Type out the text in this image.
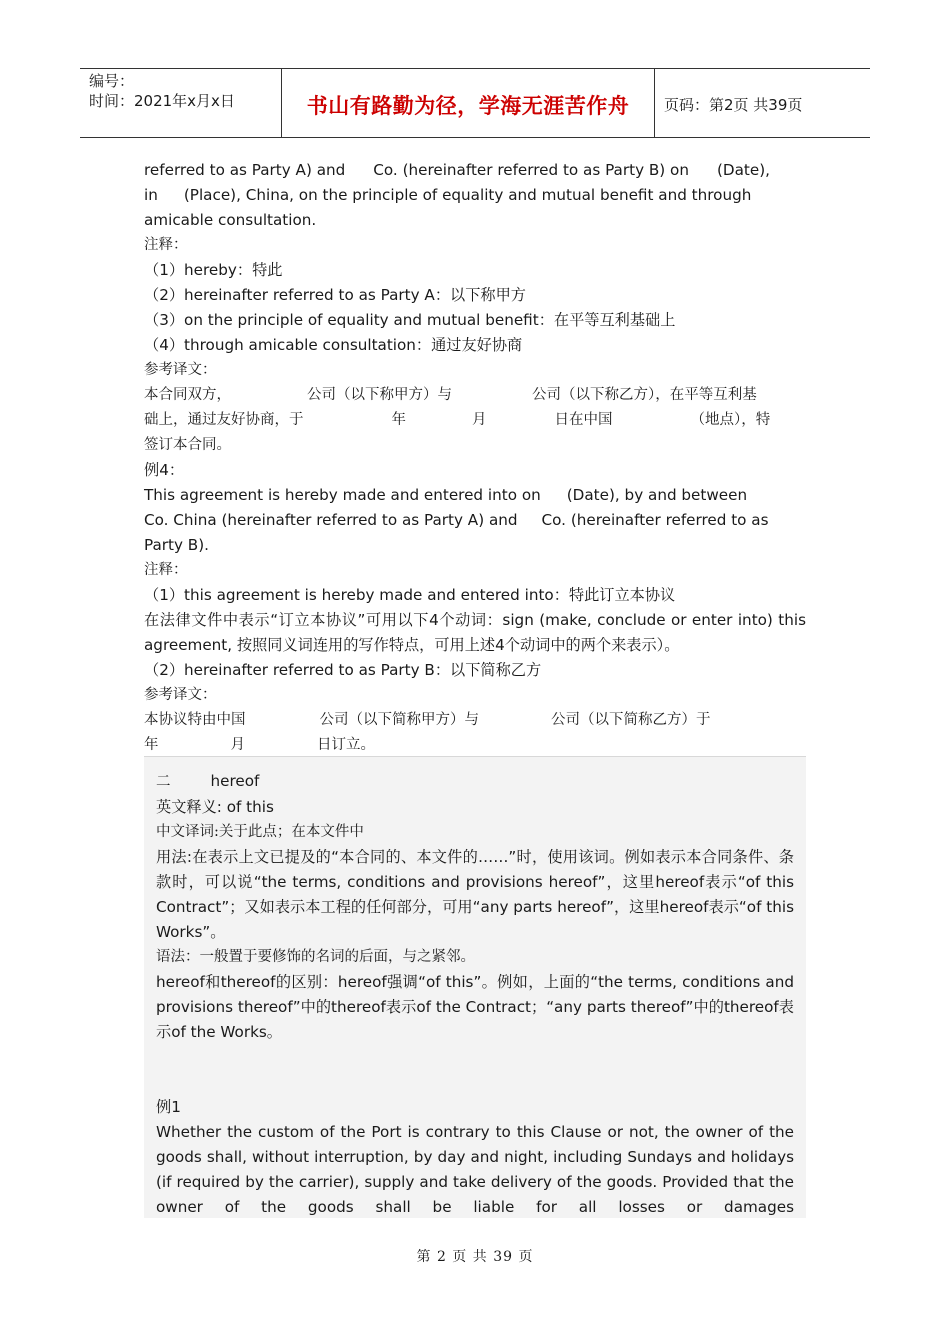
编号：
时间：2021年x月x日	书山有路勤为径，学海无涯苦作舟	页码：第2页 共39页

referred to as Party A) and Co. (hereinafter referred to as Party B) on (Date),

in (Place), China, on the principle of equality and mutual benefit and through

amicable consultation.

注释：

（1）hereby：特此

（2）hereinafter referred to as Party A：以下称甲方

（3）on the principle of equality and mutual benefit：在平等互利基础上

（4）through amicable consultation：通过友好协商

参考译文：

本合同双方，	公司（以下称甲方）与	公司（以下称乙方），在平等互利基

础上，通过友好协商，于	年	月	日在中国	（地点），特

签订本合同。

例4：

This agreement is hereby made and entered into on (Date), by and between

Co. China (hereinafter referred to as Party A) and Co. (hereinafter referred to as

Party B).

注释：

（1）this agreement is hereby made and entered into：特此订立本协议

在法律文件中表示“订立本协议”可用以下4个动词：sign (make, conclude or enter into) this agreement, 按照同义词连用的写作特点，可用上述4个动词中的两个来表示）。

（2）hereinafter referred to as Party B：以下简称乙方

参考译文：

本协议特由中国	公司（以下简称甲方）与	公司（以下简称乙方）于

年	月	日订立。

二	hereof

英文释义: of this

中文译词:关于此点；在本文件中

用法:在表示上文已提及的“本合同的、本文件的……”时，使用该词。例如表示本合同条件、条款时，可以说“the terms, conditions and provisions hereof”，这里hereof表示“of this Contract”；又如表示本工程的任何部分，可用“any parts hereof”，这里hereof表示“of this Works”。

语法：一般置于要修饰的名词的后面，与之紧邻。

hereof和thereof的区别：hereof强调“of this”。例如，上面的“the terms, conditions and provisions thereof”中的thereof表示of the Contract；“any parts thereof”中的thereof表示of the Works。

例1

Whether the custom of the Port is contrary to this Clause or not, the owner of the goods shall, without interruption, by day and night, including Sundays and holidays (if required by the carrier), supply and take delivery of the goods. Provided that the owner of the goods shall be liable for all losses or damages

第 2 页 共 39 页
